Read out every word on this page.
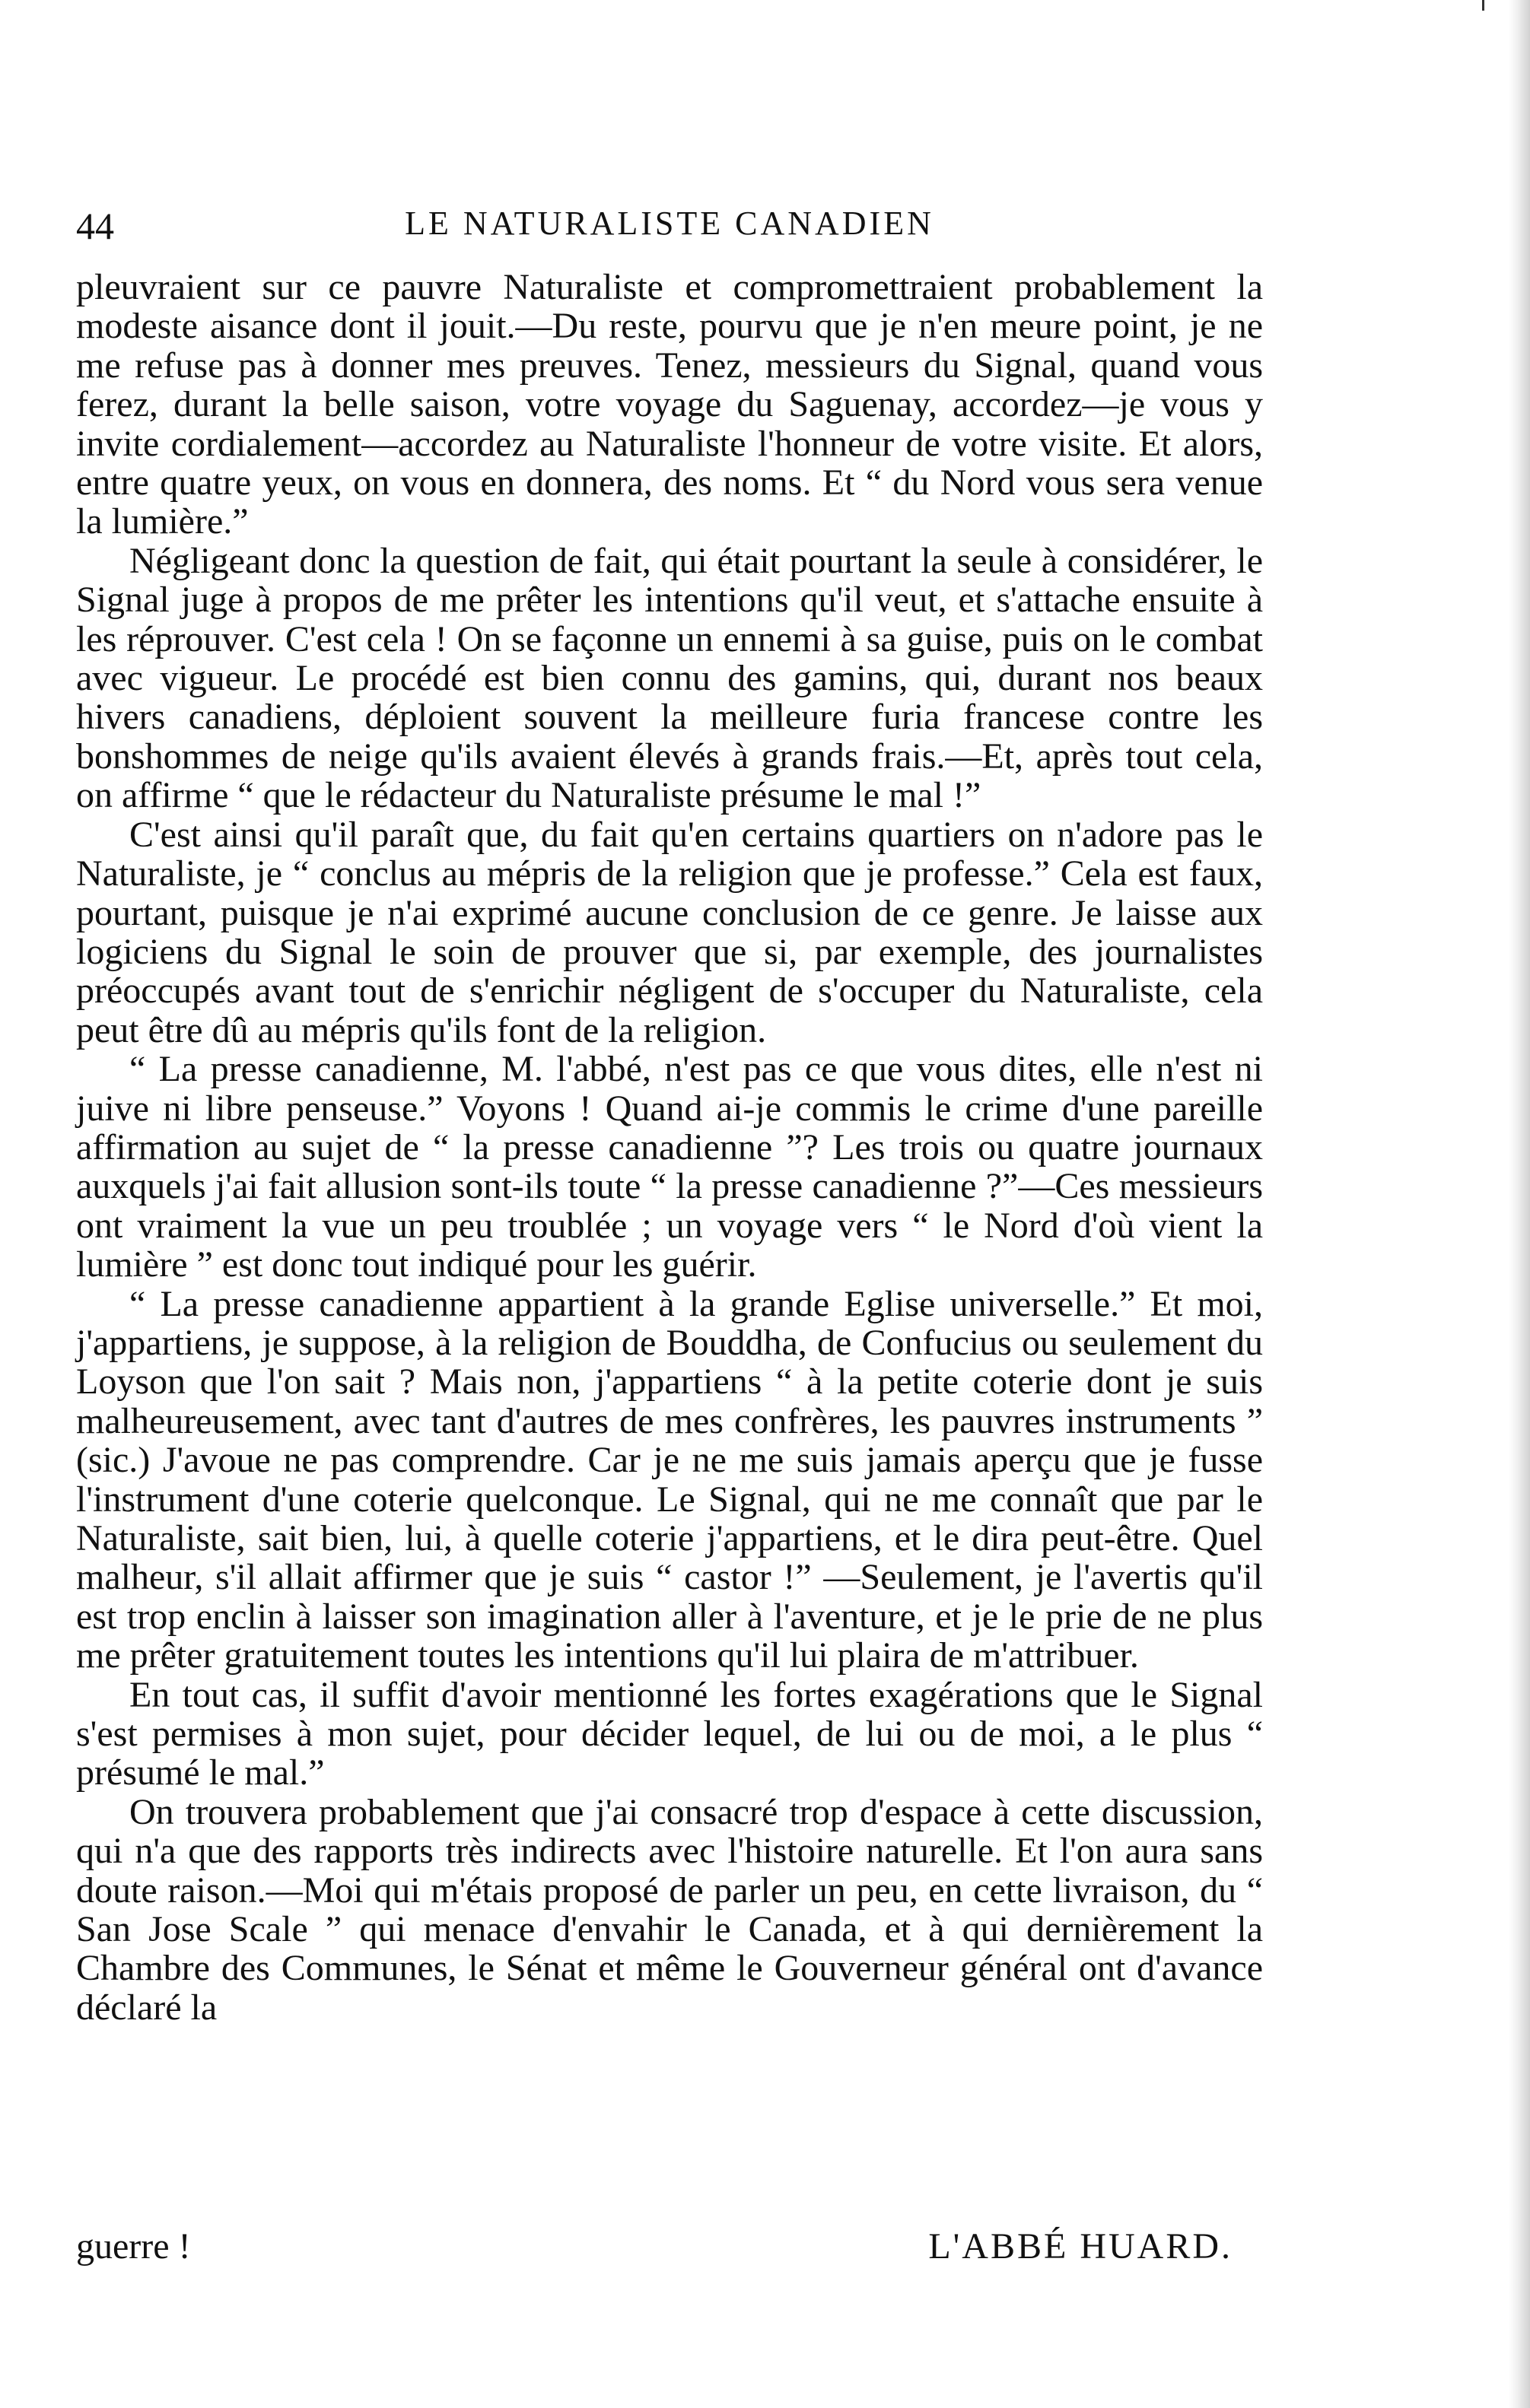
44	LE NATURALISTE CANADIEN

pleuvraient sur ce pauvre Naturaliste et compromettraient probablement la modeste aisance dont il jouit.—Du reste, pourvu que je n'en meure point, je ne me refuse pas à donner mes preuves. Tenez, messieurs du Signal, quand vous ferez, durant la belle saison, votre voyage du Saguenay, accordez—je vous y invite cordialement—accordez au Naturaliste l'honneur de votre visite. Et alors, entre quatre yeux, on vous en donnera, des noms. Et “ du Nord vous sera venue la lumière.”

Négligeant donc la question de fait, qui était pourtant la seule à considérer, le Signal juge à propos de me prêter les intentions qu'il veut, et s'attache ensuite à les réprouver. C'est cela ! On se façonne un ennemi à sa guise, puis on le combat avec vigueur. Le procédé est bien connu des gamins, qui, durant nos beaux hivers canadiens, déploient souvent la meilleure furia francese contre les bonshommes de neige qu'ils avaient élevés à grands frais.—Et, après tout cela, on affirme “ que le rédacteur du Naturaliste présume le mal !”

C'est ainsi qu'il paraît que, du fait qu'en certains quartiers on n'adore pas le Naturaliste, je “ conclus au mépris de la religion que je professe.” Cela est faux, pourtant, puisque je n'ai exprimé aucune conclusion de ce genre. Je laisse aux logiciens du Signal le soin de prouver que si, par exemple, des journalistes préoccupés avant tout de s'enrichir négligent de s'occuper du Naturaliste, cela peut être dû au mépris qu'ils font de la religion.

“ La presse canadienne, M. l'abbé, n'est pas ce que vous dites, elle n'est ni juive ni libre penseuse.” Voyons ! Quand ai-je commis le crime d'une pareille affirmation au sujet de “ la presse canadienne ”? Les trois ou quatre journaux auxquels j'ai fait allusion sont-ils toute “ la presse canadienne ?”—Ces messieurs ont vraiment la vue un peu troublée ; un voyage vers “ le Nord d'où vient la lumière ” est donc tout indiqué pour les guérir.

“ La presse canadienne appartient à la grande Eglise universelle.” Et moi, j'appartiens, je suppose, à la religion de Bouddha, de Confucius ou seulement du Loyson que l'on sait ? Mais non, j'appartiens “ à la petite coterie dont je suis malheureusement, avec tant d'autres de mes confrères, les pauvres instruments ” (sic.) J'avoue ne pas comprendre. Car je ne me suis jamais aperçu que je fusse l'instrument d'une coterie quelconque. Le Signal, qui ne me connaît que par le Naturaliste, sait bien, lui, à quelle coterie j'appartiens, et le dira peut-être. Quel malheur, s'il allait affirmer que je suis “ castor !” —Seulement, je l'avertis qu'il est trop enclin à laisser son imagination aller à l'aventure, et je le prie de ne plus me prêter gratuitement toutes les intentions qu'il lui plaira de m'attribuer.

En tout cas, il suffit d'avoir mentionné les fortes exagérations que le Signal s'est permises à mon sujet, pour décider lequel, de lui ou de moi, a le plus “ présumé le mal.”

On trouvera probablement que j'ai consacré trop d'espace à cette discussion, qui n'a que des rapports très indirects avec l'histoire naturelle. Et l'on aura sans doute raison.—Moi qui m'étais proposé de parler un peu, en cette livraison, du “ San Jose Scale ” qui menace d'envahir le Canada, et à qui dernièrement la Chambre des Communes, le Sénat et même le Gouverneur général ont d'avance déclaré la

guerre !	L'ABBÉ HUARD.
